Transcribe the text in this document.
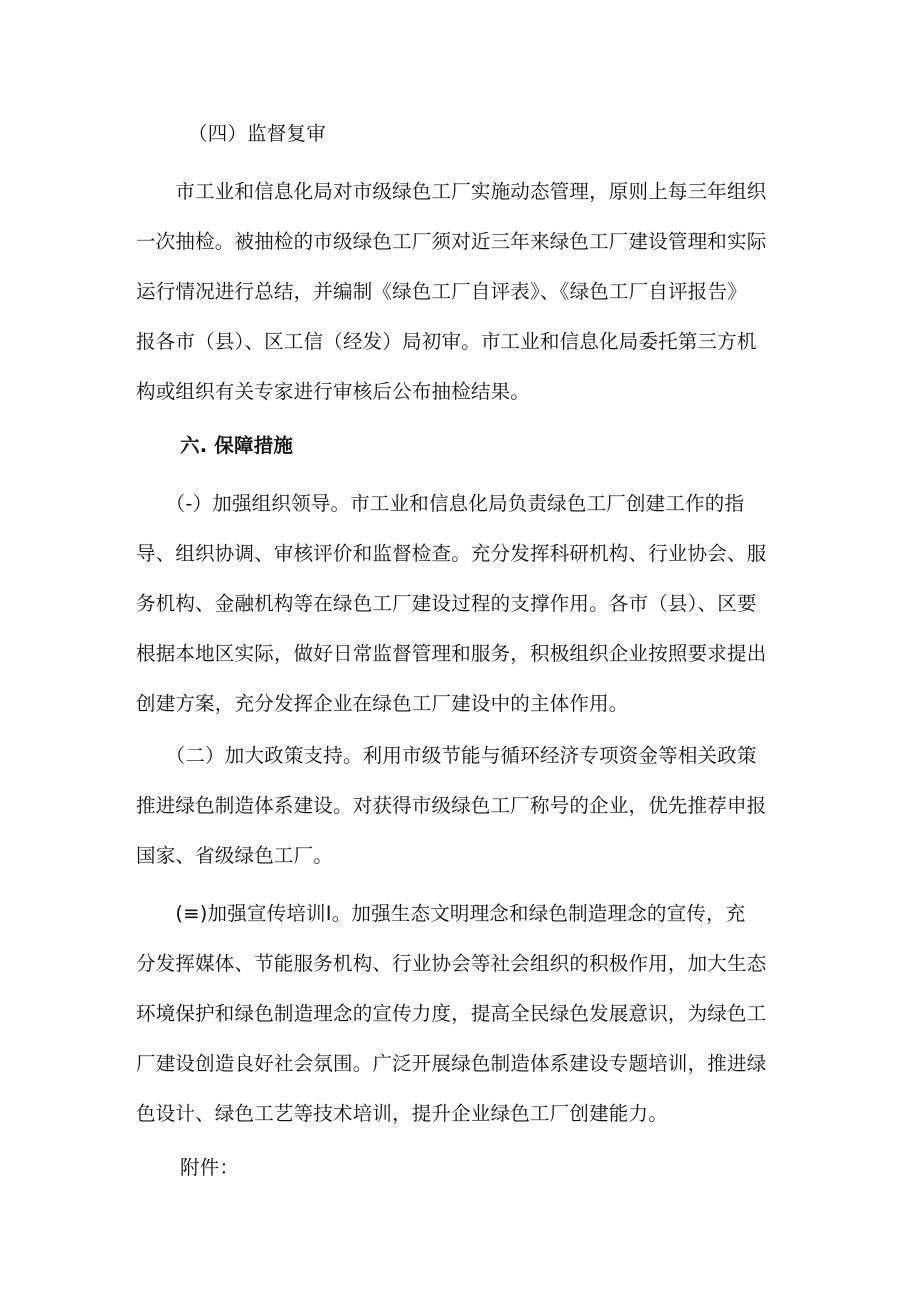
（四）监督复审
　　市工业和信息化局对市级绿色工厂实施动态管理，原则上每三年组织
一次抽检。被抽检的市级绿色工厂须对近三年来绿色工厂建设管理和实际
运行情况进行总结，并编制《绿色工厂自评表》、《绿色工厂自评报告》
报各市（县）、区工信（经发）局初审。市工业和信息化局委托第三方机
构或组织有关专家进行审核后公布抽检结果。
六. 保障措施
　　（-）加强组织领导。市工业和信息化局负责绿色工厂创建工作的指
导、组织协调、审核评价和监督检查。充分发挥科研机构、行业协会、服
务机构、金融机构等在绿色工厂建设过程的支撑作用。各市（县）、区要
根据本地区实际，做好日常监督管理和服务，积极组织企业按照要求提出
创建方案，充分发挥企业在绿色工厂建设中的主体作用。
　　（二）加大政策支持。利用市级节能与循环经济专项资金等相关政策
推进绿色制造体系建设。对获得市级绿色工厂称号的企业，优先推荐申报
国家、省级绿色工厂。
　　(≡)加强宣传培训Ⅰ。加强生态文明理念和绿色制造理念的宣传，充
分发挥媒体、节能服务机构、行业协会等社会组织的积极作用，加大生态
环境保护和绿色制造理念的宣传力度，提高全民绿色发展意识，为绿色工
厂建设创造良好社会氛围。广泛开展绿色制造体系建设专题培训，推进绿
色设计、绿色工艺等技术培训，提升企业绿色工厂创建能力。
附件：
